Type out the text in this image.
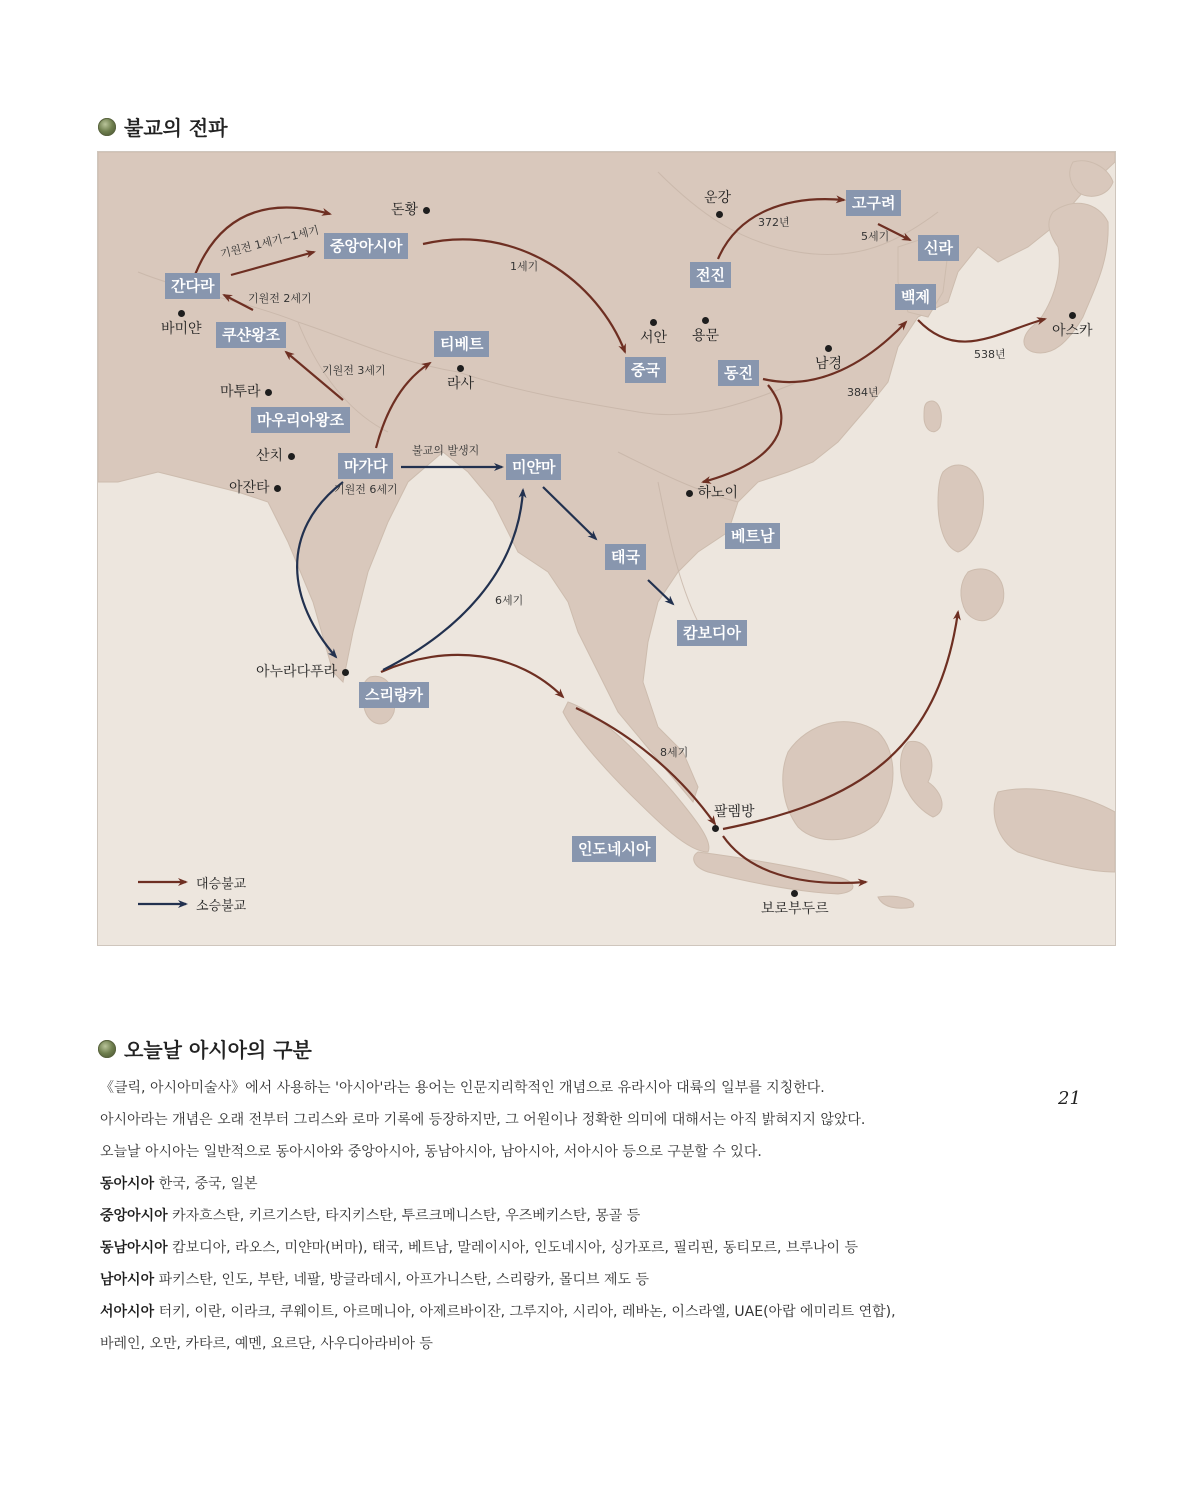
불교의 전파
간다라
중앙아시아
쿠샨왕조	티베트
마우리아왕조
마가다	미얀마
중국
전진
동진
고구려
신라
백제
태국
베트남
캄보디아
스리랑카
인도네시아
돈황
운강

바미얀
마투라	라사

서안 용문

남경

아스카
산치
아잔타	하노이
아누라다푸라
팔렘방

보로부두르
기원전 1세기~1세기
기원전 2세기
기원전 3세기
1세기
372년
5세기
384년
538년
불교의 발생지
기원전 6세기
6세기
8세기
대승불교
소승불교
오늘날 아시아의 구분

《클릭, 아시아미술사》에서 사용하는 '아시아'라는 용어는 인문지리학적인 개념으로 유라시아 대륙의 일부를 지칭한다.

아시아라는 개념은 오래 전부터 그리스와 로마 기록에 등장하지만, 그 어원이나 정확한 의미에 대해서는 아직 밝혀지지 않았다.

오늘날 아시아는 일반적으로 동아시아와 중앙아시아, 동남아시아, 남아시아, 서아시아 등으로 구분할 수 있다.

동아시아 한국, 중국, 일본

중앙아시아 카자흐스탄, 키르기스탄, 타지키스탄, 투르크메니스탄, 우즈베키스탄, 몽골 등

동남아시아 캄보디아, 라오스, 미얀마(버마), 태국, 베트남, 말레이시아, 인도네시아, 싱가포르, 필리핀, 동티모르, 브루나이 등

남아시아 파키스탄, 인도, 부탄, 네팔, 방글라데시, 아프가니스탄, 스리랑카, 몰디브 제도 등

서아시아 터키, 이란, 이라크, 쿠웨이트, 아르메니아, 아제르바이잔, 그루지아, 시리아, 레바논, 이스라엘, UAE(아랍 에미리트 연합),

바레인, 오만, 카타르, 예멘, 요르단, 사우디아라비아 등

21
